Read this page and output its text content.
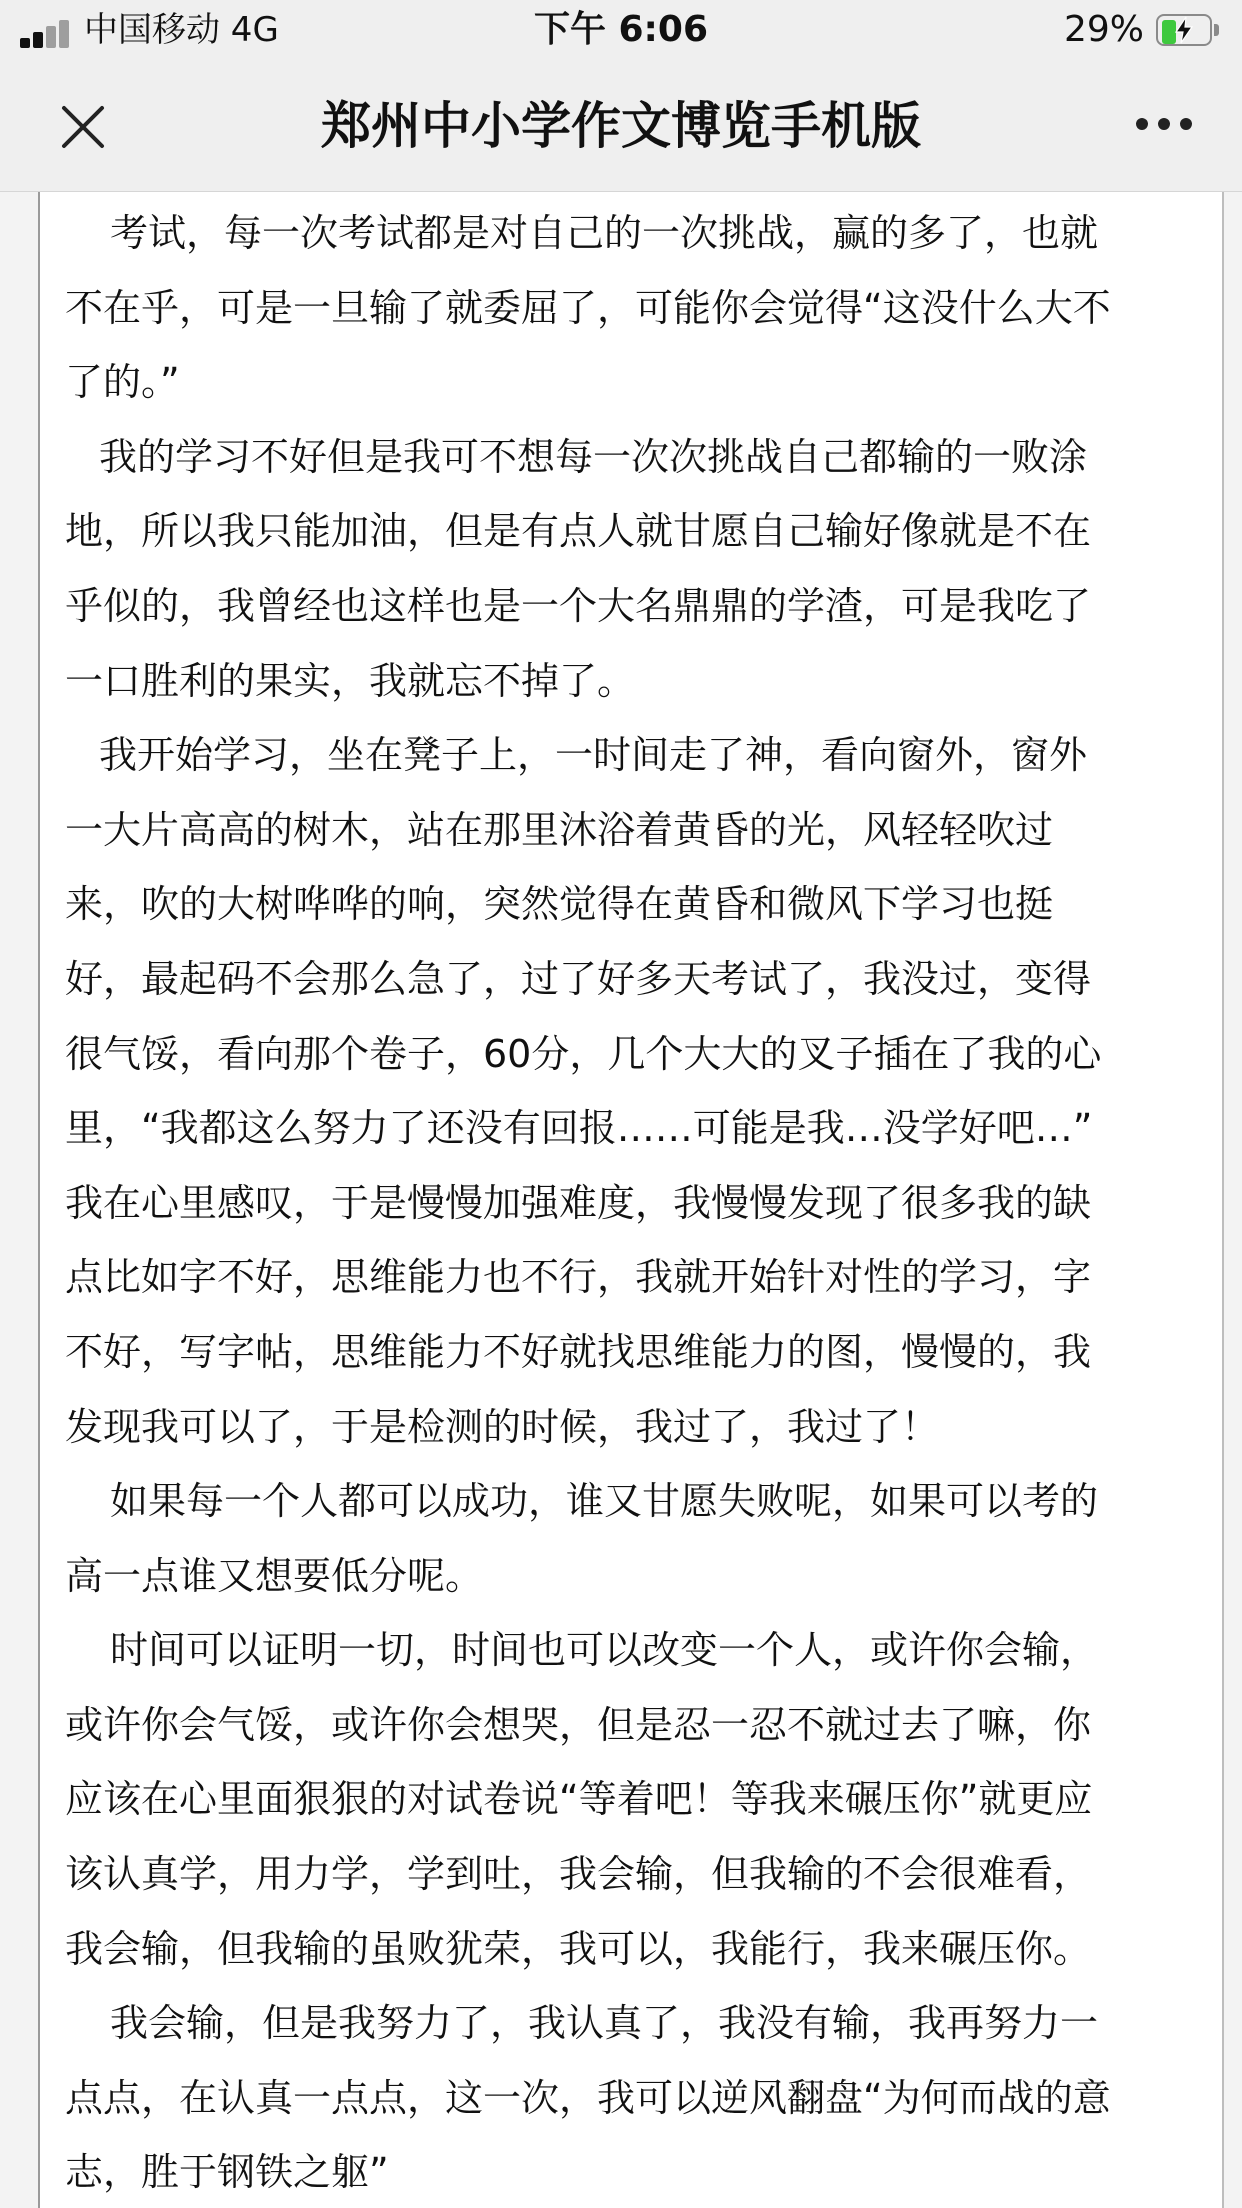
中国移动 4G	下午 6:06	29%
郑州中小学作文博览手机版
考试，每一次考试都是对自己的一次挑战，赢的多了，也就
不在乎，可是一旦输了就委屈了，可能你会觉得“这没什么大不
了的。”
我的学习不好但是我可不想每一次次挑战自己都输的一败涂
地，所以我只能加油，但是有点人就甘愿自己输好像就是不在
乎似的，我曾经也这样也是一个大名鼎鼎的学渣，可是我吃了
一口胜利的果实，我就忘不掉了。
我开始学习，坐在凳子上，一时间走了神，看向窗外，窗外
一大片高高的树木，站在那里沐浴着黄昏的光，风轻轻吹过
来，吹的大树哗哗的响，突然觉得在黄昏和微风下学习也挺
好，最起码不会那么急了，过了好多天考试了，我没过，变得
很气馁，看向那个卷子，60分，几个大大的叉子插在了我的心
里，“我都这么努力了还没有回报……可能是我…没学好吧…”
我在心里感叹，于是慢慢加强难度，我慢慢发现了很多我的缺
点比如字不好，思维能力也不行，我就开始针对性的学习，字
不好，写字帖，思维能力不好就找思维能力的图，慢慢的，我
发现我可以了，于是检测的时候，我过了，我过了！
如果每一个人都可以成功，谁又甘愿失败呢，如果可以考的
高一点谁又想要低分呢。
时间可以证明一切，时间也可以改变一个人，或许你会输，
或许你会气馁，或许你会想哭，但是忍一忍不就过去了嘛，你
应该在心里面狠狠的对试卷说“等着吧！等我来碾压你”就更应
该认真学，用力学，学到吐，我会输，但我输的不会很难看，
我会输，但我输的虽败犹荣，我可以，我能行，我来碾压你。
我会输，但是我努力了，我认真了，我没有输，我再努力一
点点，在认真一点点，这一次，我可以逆风翻盘“为何而战的意
志，胜于钢铁之躯”
